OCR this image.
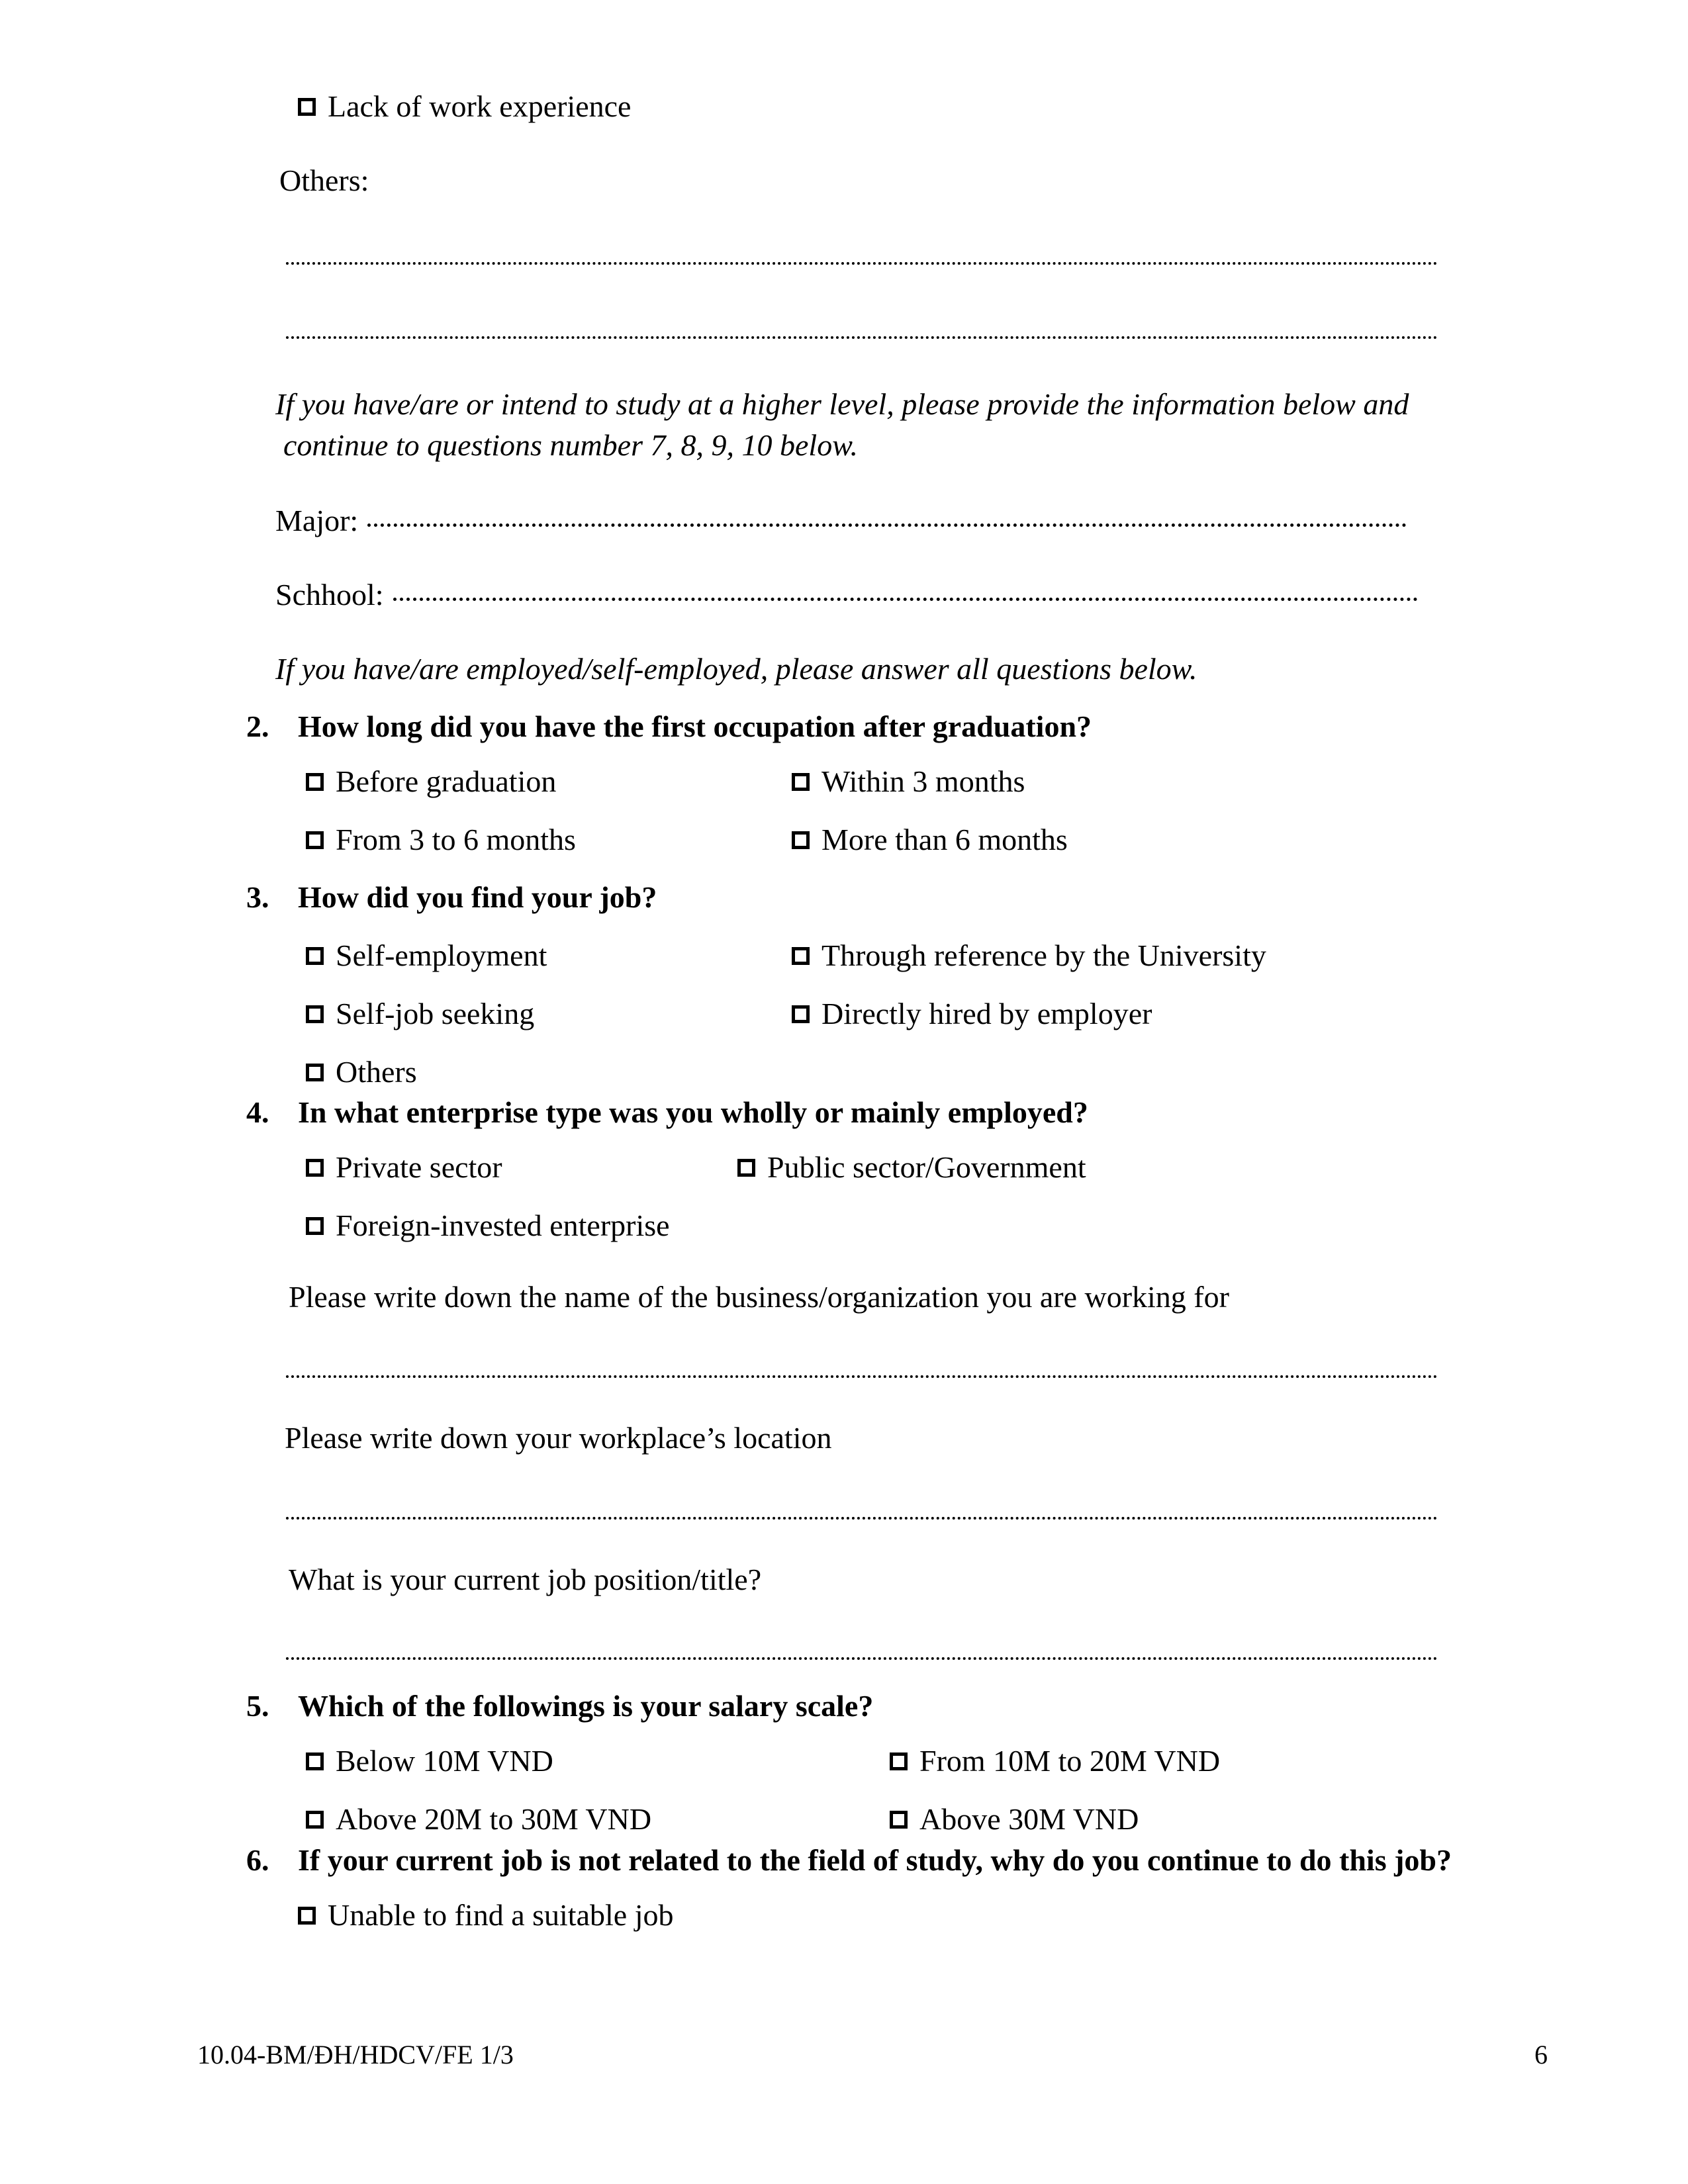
Lack of work experience
Others:
If you have/are or intend to study at a higher level, please provide the information below and
continue to questions number 7, 8, 9, 10 below.
Major:
Schhool:
If you have/are employed/self-employed, please answer all questions below.
2. How long did you have the first occupation after graduation?
Before graduation	Within 3 months
From 3 to 6 months	More than 6 months
3. How did you find your job?
Self-employment	Through reference by the University
Self-job seeking	Directly hired by employer
Others
4. In what enterprise type was you wholly or mainly employed?
Private sector	Public sector/Government
Foreign-invested enterprise
Please write down the name of the business/organization you are working for
Please write down your workplace’s location
What is your current job position/title?
5. Which of the followings is your salary scale?
Below 10M VND	From 10M to 20M VND
Above 20M to 30M VND	Above 30M VND
6. If your current job is not related to the field of study, why do you continue to do this job?
Unable to find a suitable job
10.04-BM/ĐH/HDCV/FE 1/3	6
